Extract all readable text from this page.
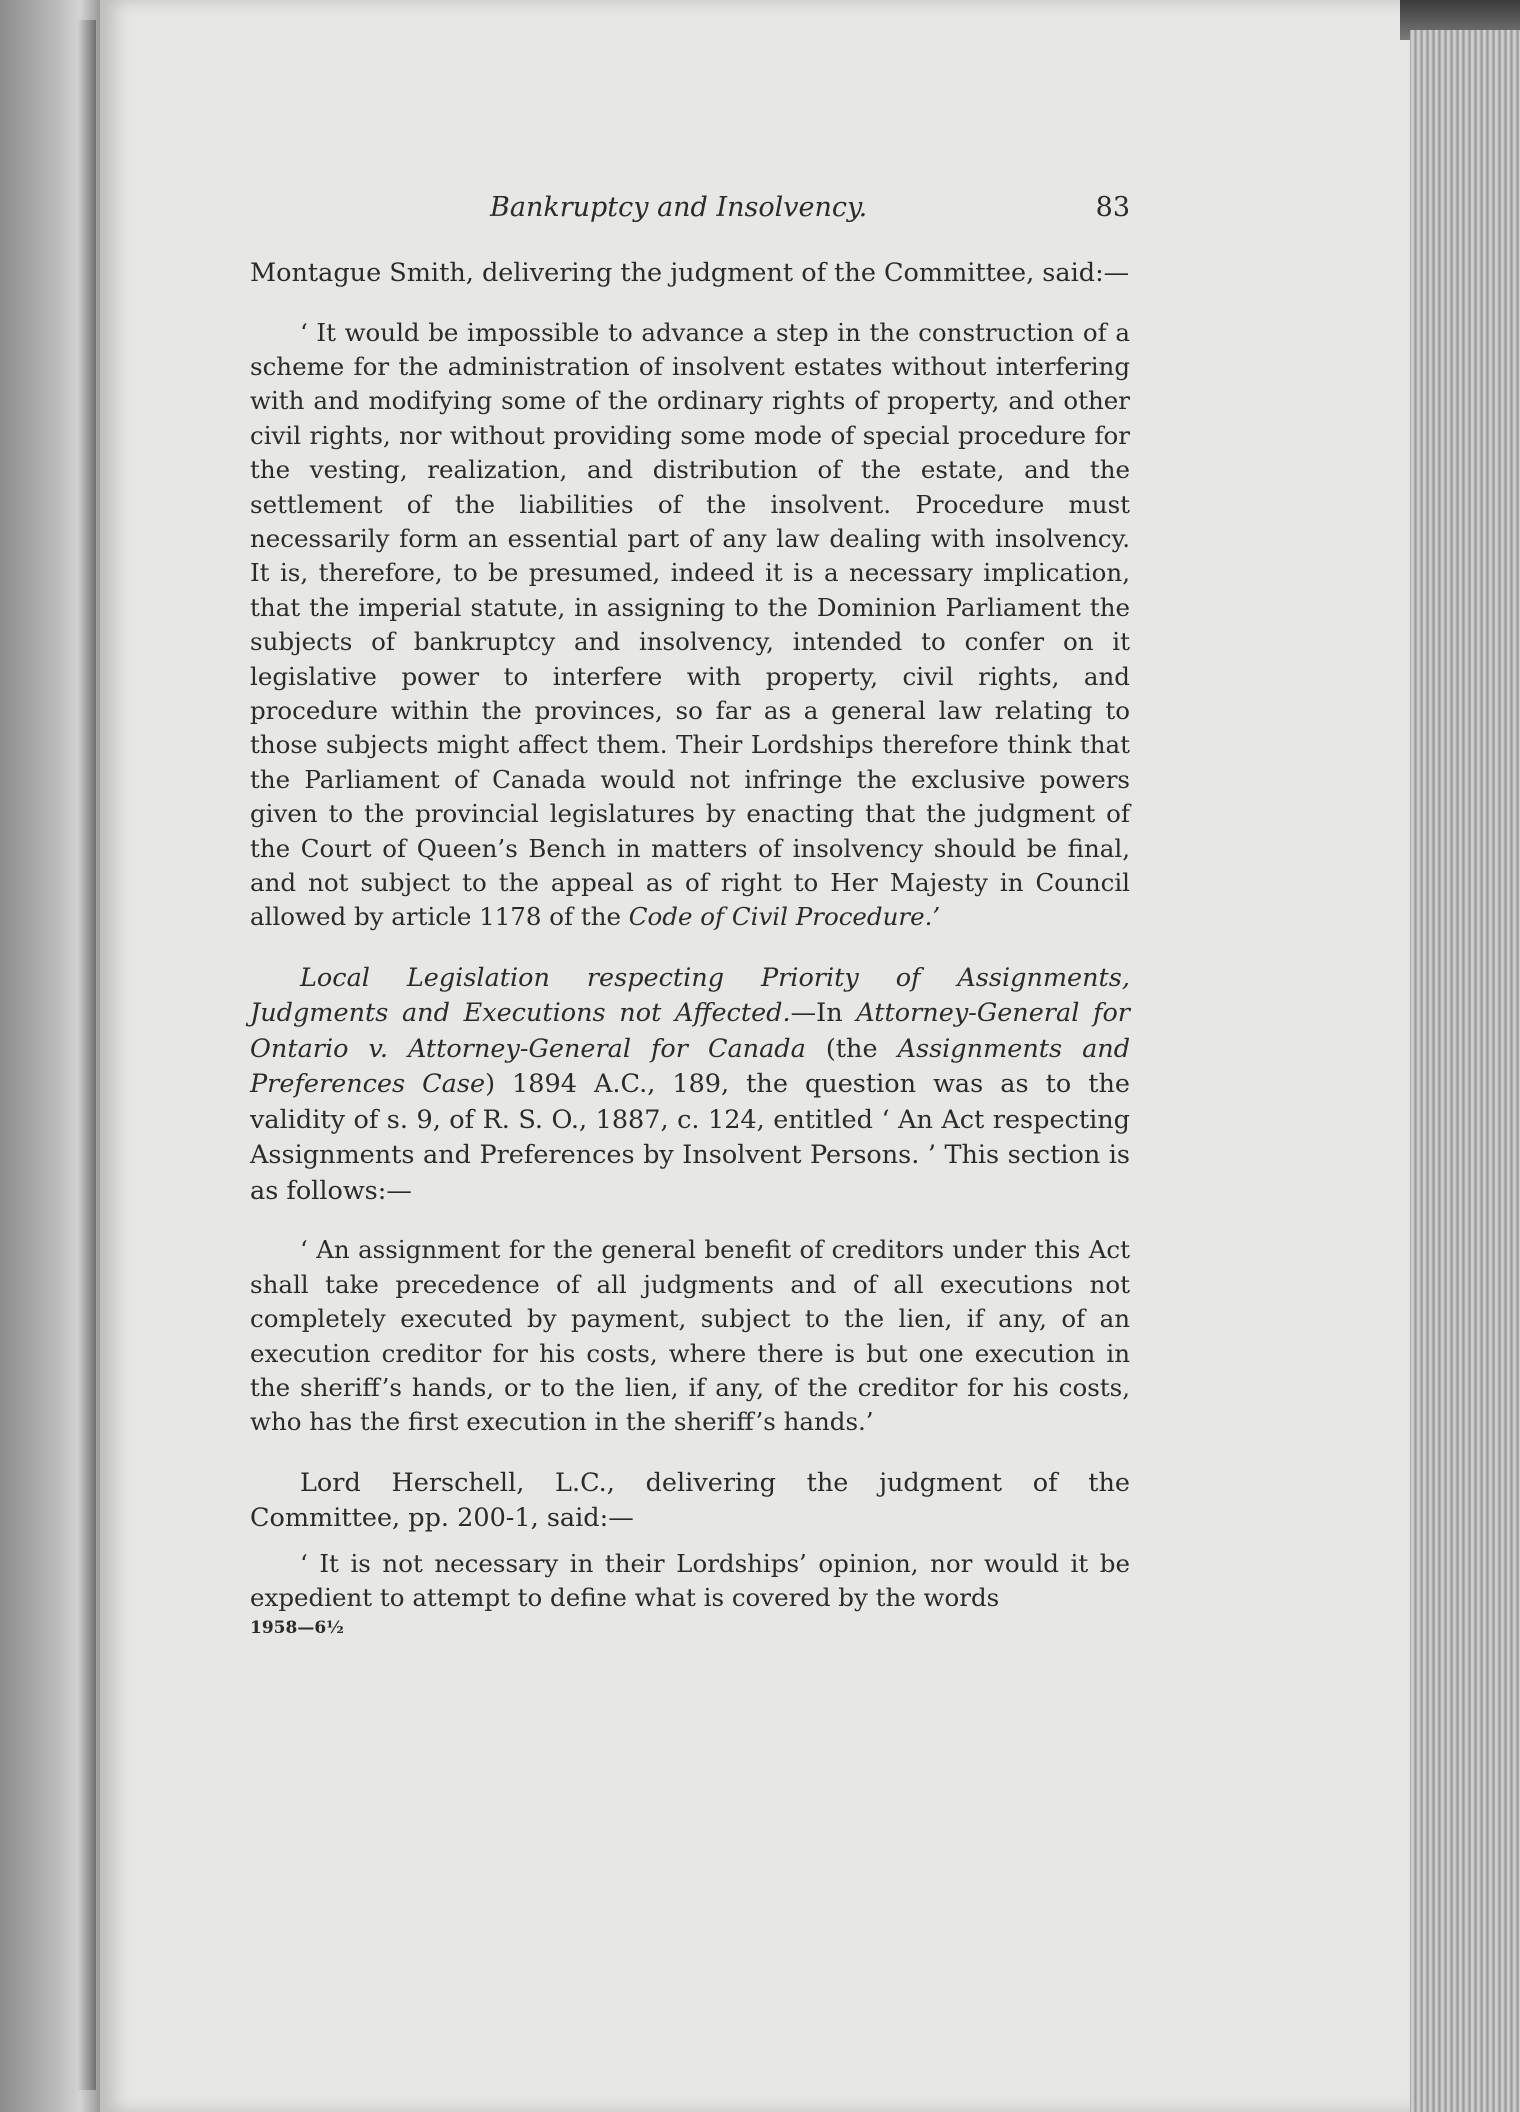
Bankruptcy and Insolvency.	83

Montague Smith, delivering the judgment of the Committee, said:—

‘ It would be impossible to advance a step in the construction of a scheme for the administration of insolvent estates without interfering with and modifying some of the ordinary rights of property, and other civil rights, nor without providing some mode of special procedure for the vesting, realization, and distribution of the estate, and the settlement of the liabilities of the insolvent. Procedure must necessarily form an essential part of any law dealing with insolvency. It is, therefore, to be presumed, indeed it is a necessary implication, that the imperial statute, in assigning to the Dominion Parliament the subjects of bankruptcy and insolvency, intended to confer on it legislative power to interfere with property, civil rights, and procedure within the provinces, so far as a general law relating to those subjects might affect them. Their Lordships therefore think that the Parliament of Canada would not infringe the exclusive powers given to the provincial legislatures by enacting that the judgment of the Court of Queen’s Bench in matters of insolvency should be final, and not subject to the appeal as of right to Her Majesty in Council allowed by article 1178 of the Code of Civil Procedure.’

Local Legislation respecting Priority of Assignments, Judgments and Executions not Affected.—In Attorney-General for Ontario v. Attorney-General for Canada (the Assignments and Preferences Case) 1894 A.C., 189, the question was as to the validity of s. 9, of R. S. O., 1887, c. 124, entitled ‘ An Act respecting Assignments and Preferences by Insolvent Persons. ’ This section is as follows:—

‘ An assignment for the general benefit of creditors under this Act shall take precedence of all judgments and of all executions not completely executed by payment, subject to the lien, if any, of an execution creditor for his costs, where there is but one execution in the sheriff’s hands, or to the lien, if any, of the creditor for his costs, who has the first execution in the sheriff’s hands.’

Lord Herschell, L.C., delivering the judgment of the Committee, pp. 200-1, said:—

‘ It is not necessary in their Lordships’ opinion, nor would it be expedient to attempt to define what is covered by the words

1958—6½
